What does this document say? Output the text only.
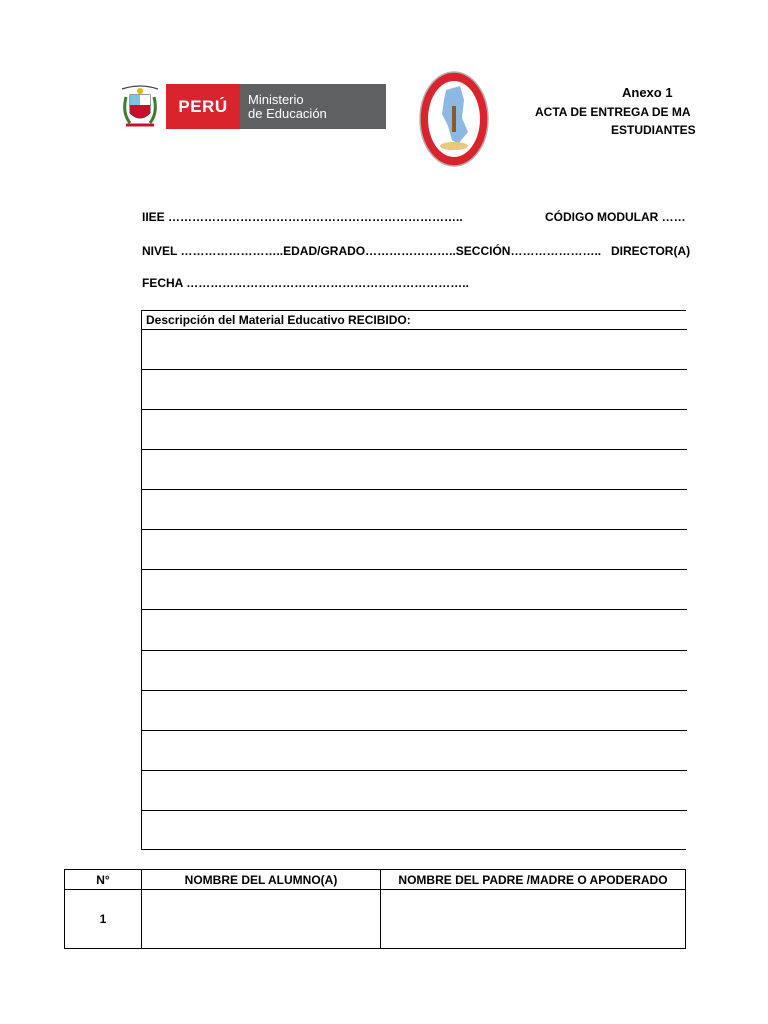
PERÚ	Ministerio
de Educación
Anexo 1
ACTA DE ENTREGA DE MA
ESTUDIANTES
IIEE ………………………………………………………………..	CÓDIGO MODULAR ……
NIVEL ……………………..EDAD/GRADO…………………..SECCIÓN………………….. DIRECTOR(A)
FECHA ……………………………………………………………..
Descripción del Material Educativo RECIBIDO:
N°	NOMBRE DEL ALUMNO(A)	NOMBRE DEL PADRE /MADRE O APODERADO
1
